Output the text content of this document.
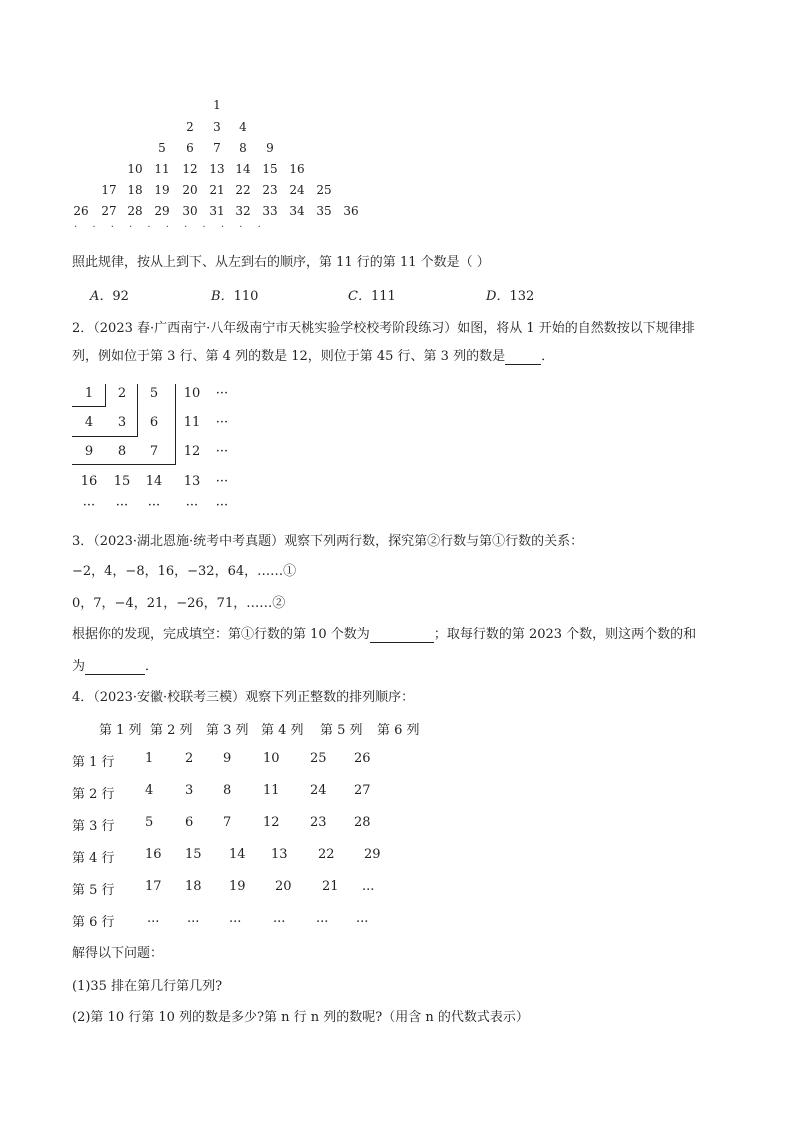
1
2	3	4
5	6	7	8	9
10 11	12 13 14 15 16
17 18 19	20 21 22 23 24 25
26	27 28 29	30 31 32 33 34 35 36
· · · · · · · · · · ·
照此规律，按从上到下、从左到右的顺序，第 11 行的第 11 个数是（ ）
A．92	B．110	C．111	D．132
2．（2023 春·广西南宁·八年级南宁市天桃实验学校校考阶段练习）如图，将从 1 开始的自然数按以下规律排
列，例如位于第 3 行、第 4 列的数是 12，则位于第 45 行、第 3 列的数是	．
1	2	5	10	···
4	3	6	11	···
9	8	7	12	···
16	15	14	13	···
···	···	···	···	···
3．（2023·湖北恩施·统考中考真题）观察下列两行数，探究第②行数与第①行数的关系：
−2，4，−8，16，−32，64，……①
0，7，−4，21，−26，71，……②
根据你的发现，完成填空：第①行数的第 10 个数为	；取每行数的第 2023 个数，则这两个数的和
为	．
4．（2023·安徽·校联考三模）观察下列正整数的排列顺序：
第 1 列 第 2 列 第 3 列 第 4 列 第 5 列 第 6 列
第 1 行 1 2 9 10 25 26
第 2 行 4 3 8 11 24 27
第 3 行 5 6 7 12 23 28
第 4 行 16 15 14 13 22 29
第 5 行 17 18 19 20 21 ...
第 6 行 ... ... ... ... ... ...
解得以下问题：
(1)35 排在第几行第几列?
(2)第 10 行第 10 列的数是多少?第 n 行 n 列的数呢?（用含 n 的代数式表示）
